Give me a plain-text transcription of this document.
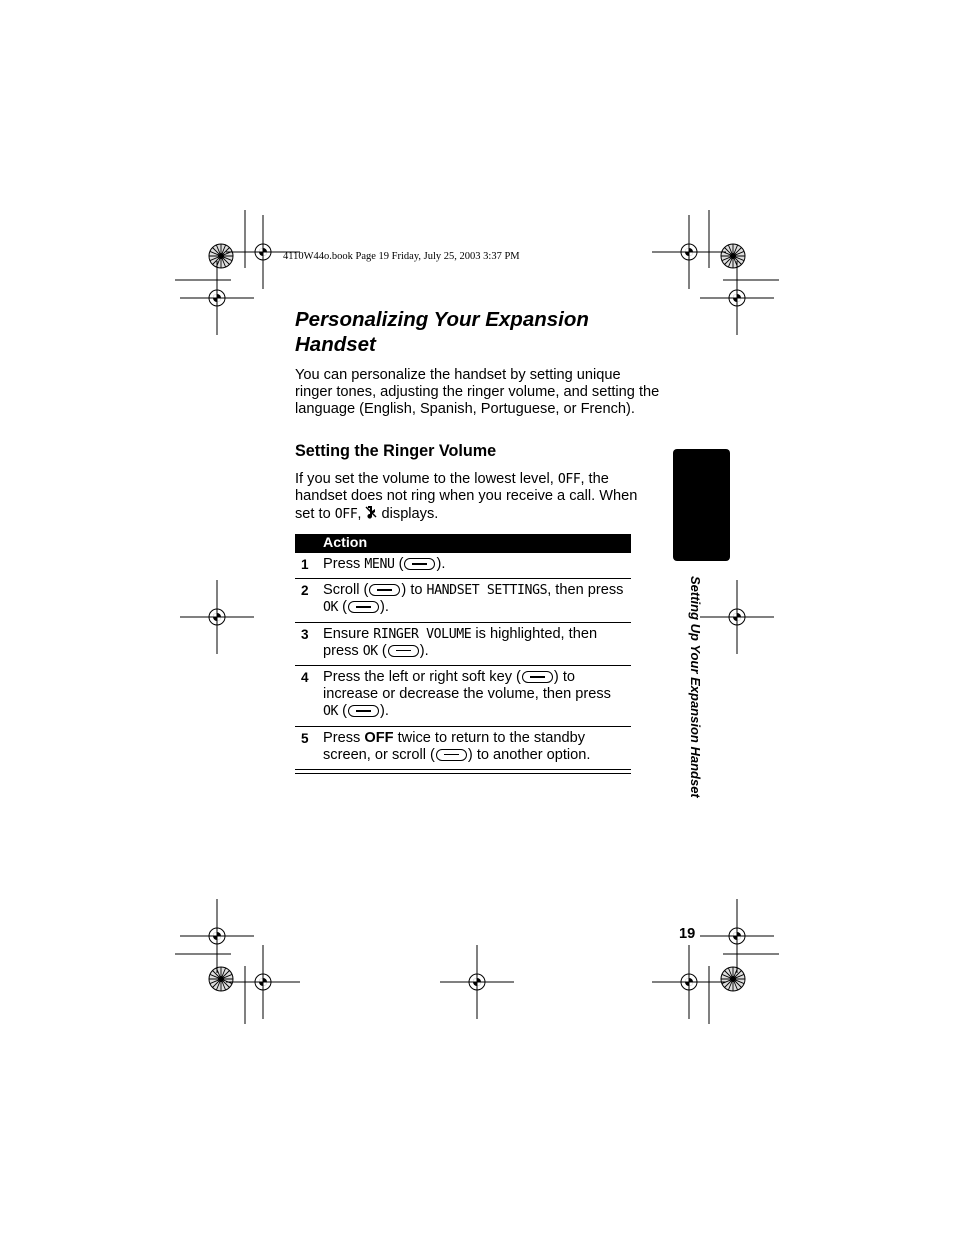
4110W44o.book Page 19 Friday, July 25, 2003 3:37 PM
Personalizing Your Expansion Handset
You can personalize the handset by setting unique ringer tones, adjusting the ringer volume, and setting the language (English, Spanish, Portuguese, or French).
Setting the Ringer Volume
If you set the volume to the lowest level, OFF, the handset does not ring when you receive a call. When set to OFF,  displays.
Action
1 Press MENU ( ).
2 Scroll ( ) to HANDSET SETTINGS, then press OK ( ).
3 Ensure RINGER VOLUME is highlighted, then press OK ( ).
4 Press the left or right soft key ( ) to increase or decrease the volume, then press OK ( ).
5 Press OFF twice to return to the standby screen, or scroll ( ) to another option.	Setting Up Your Expansion Handset
19
